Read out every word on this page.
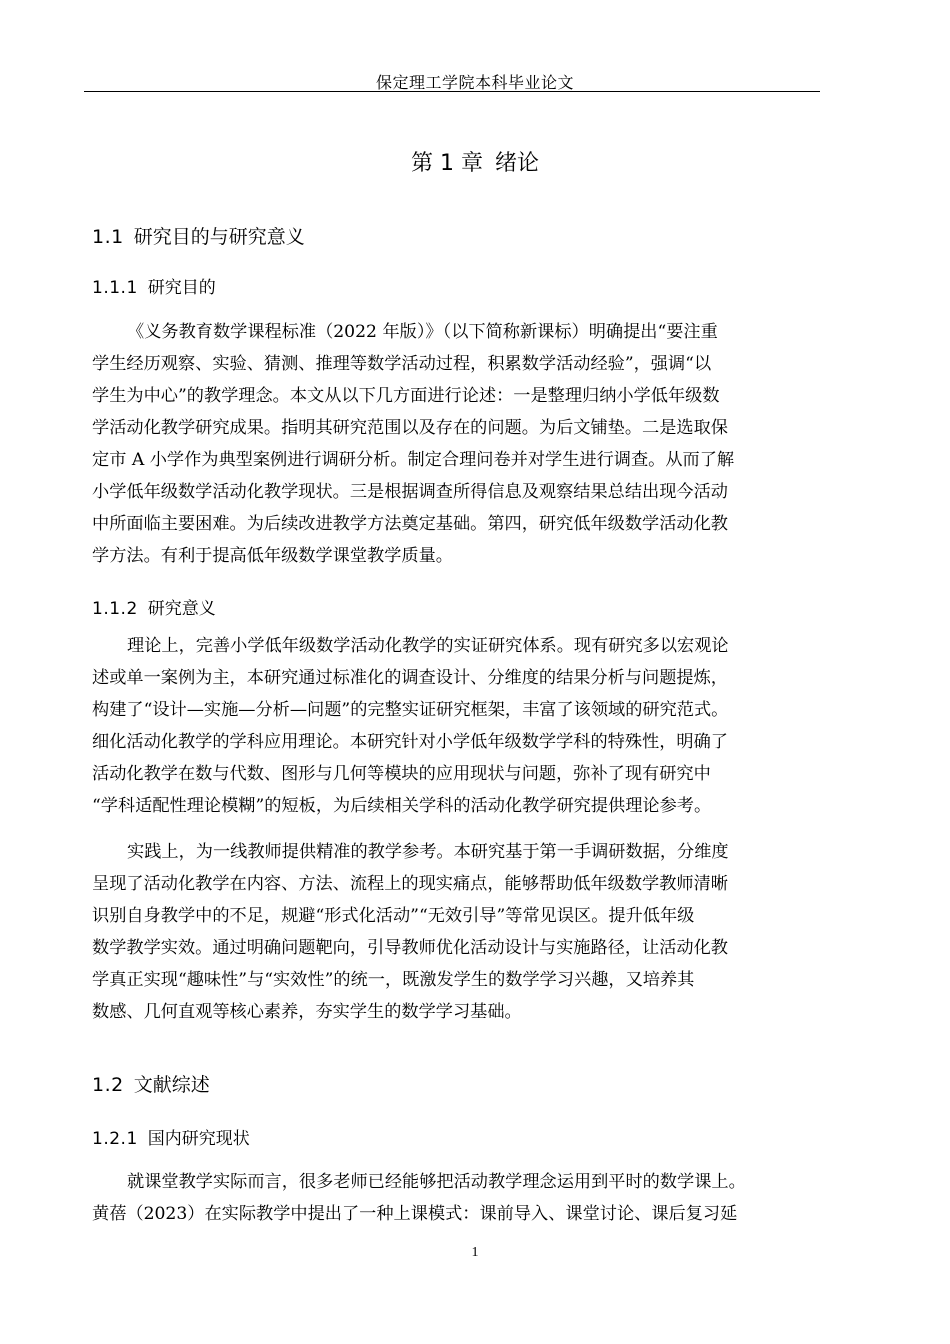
保定理工学院本科毕业论文
第 1 章 绪论
1.1 研究目的与研究意义
1.1.1 研究目的
《义务教育数学课程标准（2022 年版）》（以下简称新课标）明确提出“要注重
学生经历观察、实验、猜测、推理等数学活动过程，积累数学活动经验”，强调“以
学生为中心”的教学理念。本文从以下几方面进行论述：一是整理归纳小学低年级数
学活动化教学研究成果。指明其研究范围以及存在的问题。为后文铺垫。二是选取保
定市 A 小学作为典型案例进行调研分析。制定合理问卷并对学生进行调查。从而了解
小学低年级数学活动化教学现状。三是根据调查所得信息及观察结果总结出现今活动
中所面临主要困难。为后续改进教学方法奠定基础。第四，研究低年级数学活动化教
学方法。有利于提高低年级数学课堂教学质量。
1.1.2 研究意义
理论上，完善小学低年级数学活动化教学的实证研究体系。现有研究多以宏观论
述或单一案例为主，本研究通过标准化的调查设计、分维度的结果分析与问题提炼，
构建了“设计—实施—分析—问题”的完整实证研究框架，丰富了该领域的研究范式。
细化活动化教学的学科应用理论。本研究针对小学低年级数学学科的特殊性，明确了
活动化教学在数与代数、图形与几何等模块的应用现状与问题，弥补了现有研究中
“学科适配性理论模糊”的短板，为后续相关学科的活动化教学研究提供理论参考。
实践上，为一线教师提供精准的教学参考。本研究基于第一手调研数据，分维度
呈现了活动化教学在内容、方法、流程上的现实痛点，能够帮助低年级数学教师清晰
识别自身教学中的不足，规避“形式化活动”“无效引导”等常见误区。提升低年级
数学教学实效。通过明确问题靶向，引导教师优化活动设计与实施路径，让活动化教
学真正实现“趣味性”与“实效性”的统一，既激发学生的数学学习兴趣，又培养其
数感、几何直观等核心素养，夯实学生的数学学习基础。
1.2 文献综述
1.2.1 国内研究现状
就课堂教学实际而言，很多老师已经能够把活动教学理念运用到平时的数学课上。
黄蓓（2023）在实际教学中提出了一种上课模式：课前导入、课堂讨论、课后复习延
1
